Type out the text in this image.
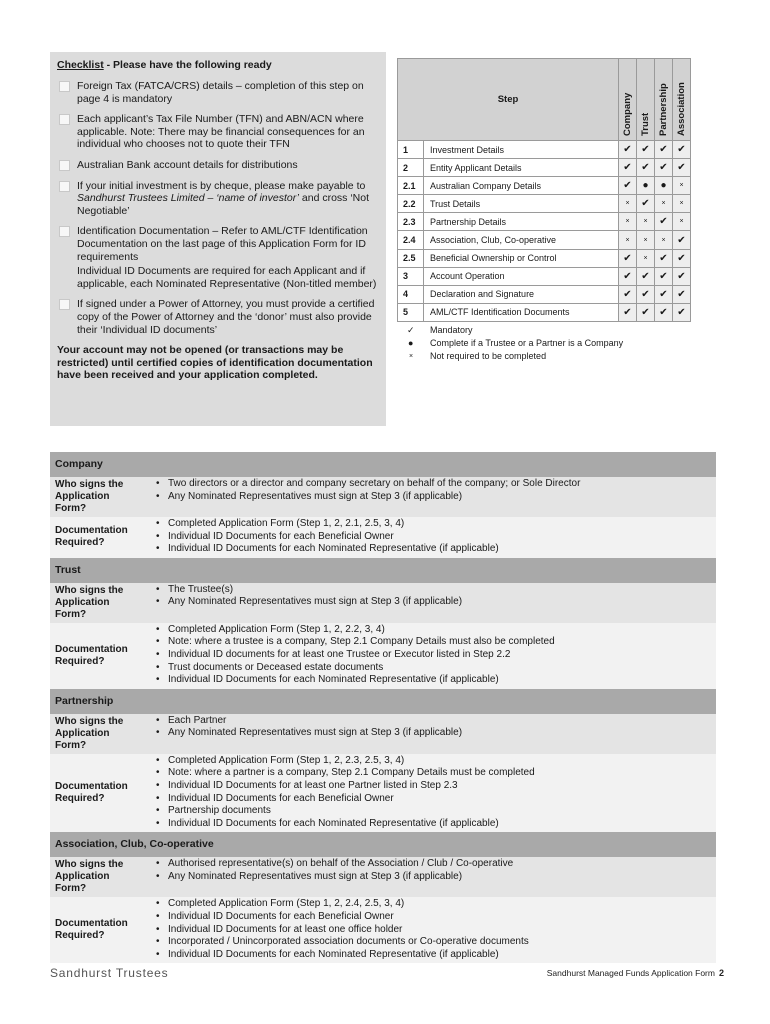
Checklist - Please have the following ready
Foreign Tax (FATCA/CRS) details – completion of this step on page 4 is mandatory
Each applicant’s Tax File Number (TFN) and ABN/ACN where applicable. Note: There may be financial consequences for an individual who chooses not to quote their TFN
Australian Bank account details for distributions
If your initial investment is by cheque, please make payable to Sandhurst Trustees Limited – ‘name of investor’ and cross ‘Not Negotiable’
Identification Documentation – Refer to AML/CTF Identification Documentation on the last page of this Application Form for ID requirements
Individual ID Documents are required for each Applicant and if applicable, each Nominated Representative (Non-titled member)
If signed under a Power of Attorney, you must provide a certified copy of the Power of Attorney and the ‘donor’ must also provide their ‘Individual ID documents’
Your account may not be opened (or transactions may be restricted) until certified copies of identification documentation have been received and your application completed.
Step		Company	Trust	Partnership	Association

1	Investment Details	✔	✔	✔	✔
2	Entity Applicant Details	✔	✔	✔	✔
2.1	Australian Company Details	✔	●	●	×
2.2	Trust Details	×	✔	×	×
2.3	Partnership Details	×	×	✔	×
2.4	Association, Club, Co-operative	×	×	×	✔
2.5	Beneficial Ownership or Control	✔	×	✔	✔
3	Account Operation	✔	✔	✔	✔
4	Declaration and Signature	✔	✔	✔	✔
5	AML/CTF Identification Documents	✔	✔	✔	✔
✓	Mandatory
●	Complete if a Trustee or a Partner is a Company
×	Not required to be completed
Company
Who signs the Application Form?
• Two directors or a director and company secretary on behalf of the company; or Sole Director
• Any Nominated Representatives must sign at Step 3 (if applicable)
Documentation Required?
• Completed Application Form (Step 1, 2, 2.1, 2.5, 3, 4)
• Individual ID Documents for each Beneficial Owner
• Individual ID Documents for each Nominated Representative (if applicable)
Trust
Who signs the Application Form?
• The Trustee(s)
• Any Nominated Representatives must sign at Step 3 (if applicable)
Documentation Required?
• Completed Application Form (Step 1, 2, 2.2, 3, 4)
• Note: where a trustee is a company, Step 2.1 Company Details must also be completed
• Individual ID documents for at least one Trustee or Executor listed in Step 2.2
• Trust documents or Deceased estate documents
• Individual ID Documents for each Nominated Representative (if applicable)
Partnership
Who signs the Application Form?
• Each Partner
• Any Nominated Representatives must sign at Step 3 (if applicable)
Documentation Required?
• Completed Application Form (Step 1, 2, 2.3, 2.5, 3, 4)
• Note: where a partner is a company, Step 2.1 Company Details must be completed
• Individual ID Documents for at least one Partner listed in Step 2.3
• Individual ID Documents for each Beneficial Owner
• Partnership documents
• Individual ID Documents for each Nominated Representative (if applicable)
Association, Club, Co-operative
Who signs the Application Form?
• Authorised representative(s) on behalf of the Association / Club / Co-operative
• Any Nominated Representatives must sign at Step 3 (if applicable)
Documentation Required?
• Completed Application Form (Step 1, 2, 2.4, 2.5, 3, 4)
• Individual ID Documents for each Beneficial Owner
• Individual ID Documents for at least one office holder
• Incorporated / Unincorporated association documents or Co-operative documents
• Individual ID Documents for each Nominated Representative (if applicable)
Sandhurst Trustees	Sandhurst Managed Funds Application Form 2
